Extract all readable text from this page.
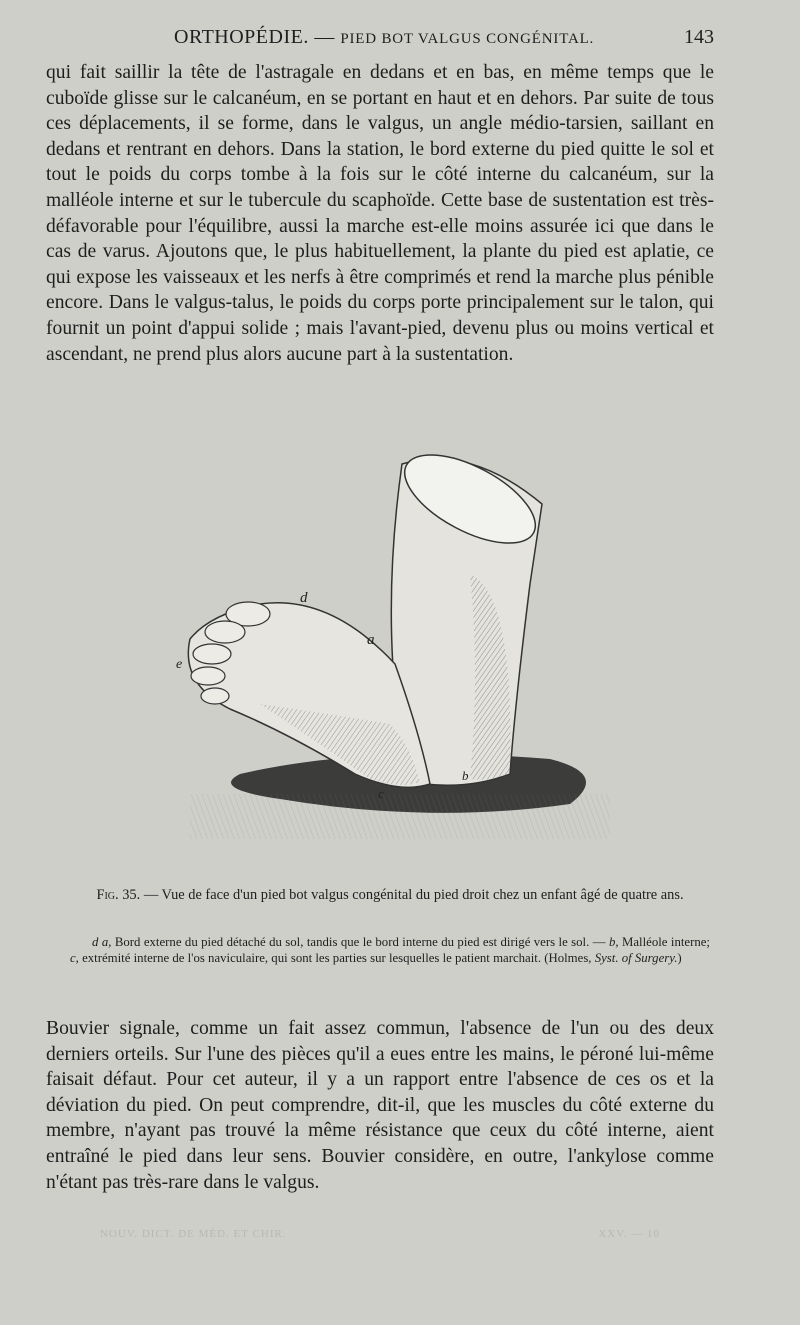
ORTHOPÉDIE. — PIED BOT VALGUS CONGÉNITAL.	143

qui fait saillir la tête de l'astragale en dedans et en bas, en même temps que le cuboïde glisse sur le calcanéum, en se portant en haut et en dehors. Par suite de tous ces déplacements, il se forme, dans le valgus, un angle médio-tarsien, saillant en dedans et rentrant en dehors. Dans la station, le bord externe du pied quitte le sol et tout le poids du corps tombe à la fois sur le côté interne du calcanéum, sur la malléole interne et sur le tubercule du scaphoïde. Cette base de sustentation est très-défavorable pour l'équilibre, aussi la marche est-elle moins assurée ici que dans le cas de varus. Ajoutons que, le plus habituellement, la plante du pied est aplatie, ce qui expose les vaisseaux et les nerfs à être comprimés et rend la marche plus pénible encore. Dans le valgus-talus, le poids du corps porte principalement sur le talon, qui fournit un point d'appui solide ; mais l'avant-pied, devenu plus ou moins vertical et ascendant, ne prend plus alors aucune part à la sustentation.

d
a
c
b
e

Fig. 35. — Vue de face d'un pied bot valgus congénital du pied droit chez un enfant âgé de quatre ans.

d a, Bord externe du pied détaché du sol, tandis que le bord interne du pied est dirigé vers le sol. — b, Malléole interne; c, extrémité interne de l'os naviculaire, qui sont les parties sur lesquelles le patient marchait. (Holmes, Syst. of Surgery.)

Bouvier signale, comme un fait assez commun, l'absence de l'un ou des deux derniers orteils. Sur l'une des pièces qu'il a eues entre les mains, le péroné lui-même faisait défaut. Pour cet auteur, il y a un rapport entre l'absence de ces os et la déviation du pied. On peut comprendre, dit-il, que les muscles du côté externe du membre, n'ayant pas trouvé la même résistance que ceux du côté interne, aient entraîné le pied dans leur sens. Bouvier considère, en outre, l'ankylose comme n'étant pas très-rare dans le valgus.

NOUV. DICT. DE MÉD. ET CHIR.	XXV. — 10
